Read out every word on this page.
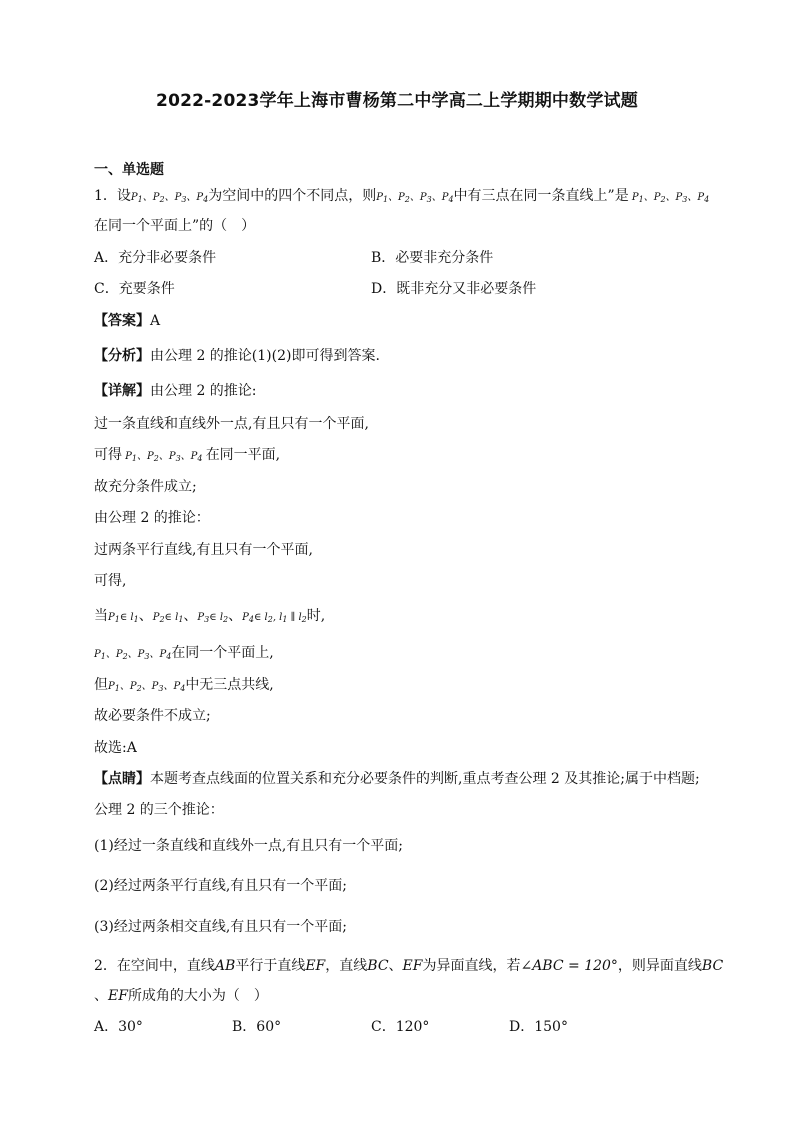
2022-2023学年上海市曹杨第二中学高二上学期期中数学试题
一、单选题
1．设$P_1$、$P_2$、$P_3$、$P_4$为空间中的四个不同点，则$P_1$、$P_2$、$P_3$、$P_4$中有三点在同一条直线上”是 $P_1$、$P_2$、$P_3$、$P_4$
在同一个平面上”的（　）
A．充分非必要条件	B．必要非充分条件
C．充要条件	D．既非充分又非必要条件
【答案】A
【分析】由公理 2 的推论(1)(2)即可得到答案.
【详解】由公理 2 的推论:
过一条直线和直线外一点,有且只有一个平面,
可得 $P_1$、$P_2$、$P_3$、$P_4$ 在同一平面,
故充分条件成立;
由公理 2 的推论：
过两条平行直线,有且只有一个平面,
可得,
当$P_1\in$ $l_1$、$P_2\in$ $l_1$、$P_3\in$ $l_2$、$P_4\in$ $l_2$, $l_1$ ∥ $l_2$时,
$P_1$、$P_2$、$P_3$、$P_4$在同一个平面上,
但$P_1$、$P_2$、$P_3$、$P_4$中无三点共线,
故必要条件不成立;
故选:A
【点睛】本题考查点线面的位置关系和充分必要条件的判断,重点考查公理 2 及其推论;属于中档题;
公理 2 的三个推论：
(1)经过一条直线和直线外一点,有且只有一个平面;
(2)经过两条平行直线,有且只有一个平面;
(3)经过两条相交直线,有且只有一个平面;
2．在空间中，直线AB平行于直线EF，直线BC、EF为异面直线，若∠ABC = 120°，则异面直线BC
、EF所成角的大小为（　）
A．30°	B．60°	C．120°	D．150°
